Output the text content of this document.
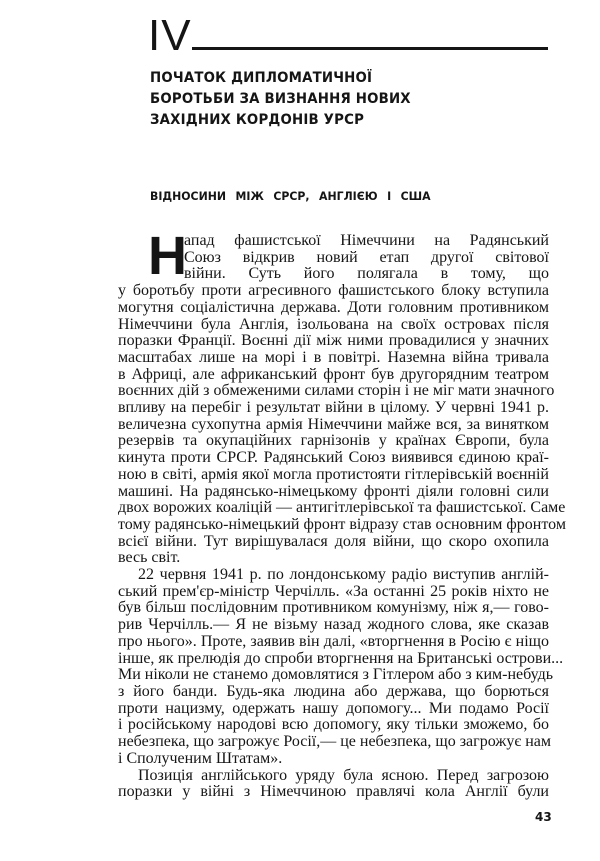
IV
ПОЧАТОК ДИПЛОМАТИЧНОЇ
БОРОТЬБИ ЗА ВИЗНАННЯ НОВИХ
ЗАХІДНИХ КОРДОНІВ УРСР
ВІДНОСИНИ МІЖ СРСР, АНГЛІЄЮ І США
Н
апад фашистської Німеччини на Радянський
Союз відкрив новий етап другої світової
війни. Суть його полягала в тому, що
у боротьбу проти агресивного фашистського блоку вступила
могутня соціалістична держава. Доти головним противником
Німеччини була Англія, ізольована на своїх островах після
поразки Франції. Воєнні дії між ними провадилися у значних
масштабах лише на морі і в повітрі. Наземна війна тривала
в Африці, але африканський фронт був другорядним театром
воєнних дій з обмеженими силами сторін і не міг мати значного
впливу на перебіг і результат війни в цілому. У червні 1941 р.
величезна сухопутна армія Німеччини майже вся, за винятком
резервів та окупаційних гарнізонів у країнах Європи, була
кинута проти СРСР. Радянський Союз виявився єдиною краї-
ною в світі, армія якої могла протистояти гітлерівській воєнній
машині. На радянсько-німецькому фронті діяли головні сили
двох ворожих коаліцій — антигітлерівської та фашистської. Саме
тому радянсько-німецький фронт відразу став основним фронтом
всієї війни. Тут вирішувалася доля війни, що скоро охопила
весь світ.
22 червня 1941 р. по лондонському радіо виступив англій-
ський прем'єр-міністр Черчілль. «За останні 25 років ніхто не
був більш послідовним противником комунізму, ніж я,— гово-
рив Черчілль.— Я не візьму назад жодного слова, яке сказав
про нього». Проте, заявив він далі, «вторгнення в Росію є ніщо
інше, як прелюдія до спроби вторгнення на Британські острови...
Ми ніколи не станемо домовлятися з Гітлером або з ким-небудь
з його банди. Будь-яка людина або держава, що борються
проти нацизму, одержать нашу допомогу... Ми подамо Росії
і російському народові всю допомогу, яку тільки зможемо, бо
небезпека, що загрожує Росії,— це небезпека, що загрожує нам
і Сполученим Штатам».
Позиція англійського уряду була ясною. Перед загрозою
поразки у війні з Німеччиною правлячі кола Англії були
43
